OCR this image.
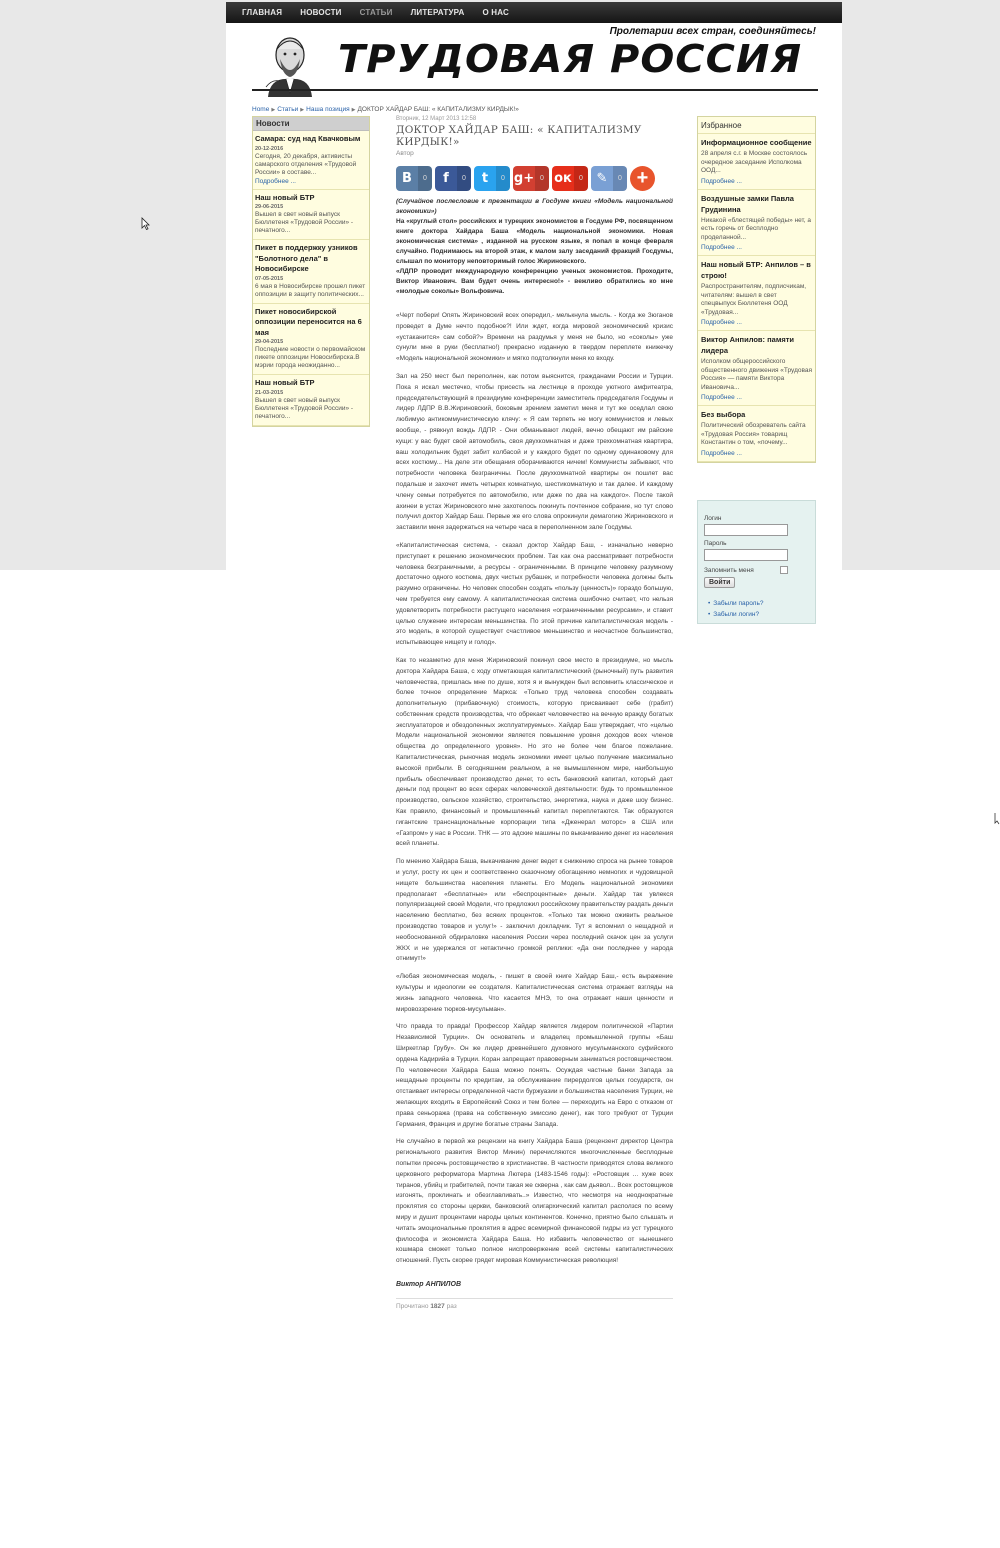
ГЛАВНАЯ НОВОСТИ СТАТЬИ ЛИТЕРАТУРА О НАС
Пролетарии всех стран, соединяйтесь!
ТРУДОВАЯ РОССИЯ
Home ▶ Статьи ▶ Наша позиция ▶ ДОКТОР ХАЙДАР БАШ: « КАПИТАЛИЗМУ КИРДЫК!»
Новости
Самара: суд над Квачковым
20-12-2016
Сегодня, 20 декабря, активисты самарского отделения «Трудовой России» в составе...
Подробнее ...
Наш новый БТР
29-06-2015
Вышел в свет новый выпуск Бюллетеня «Трудовой России» - печатного...
Пикет в поддержку узников "Болотного дела" в Новосибирске
07-05-2015
6 мая в Новосибирске прошел пикет оппозиции в защиту политических...
Пикет новосибирской оппозиции переносится на 6 мая
29-04-2015
Последние новости о первомайском пикете оппозиции Новосибирска.В мэрии города неожиданно...
Наш новый БТР
21-03-2015
Вышел в свет новый выпуск Бюллетеня «Трудовой России» - печатного...
Вторник, 12 Март 2013 12:58
ДОКТОР ХАЙДАР БАШ: « КАПИТАЛИЗМУ КИРДЫК!»
Автор
В	0	f	0	t	0 g+ 0 ок	0	✎	0 +
(Случайное послесловие к презентации в Госдуме книги «Модель национальной экономики»)
На «круглый стол» российских и турецких экономистов в Госдуме РФ, посвященном книге доктора Хайдара Баша «Модель национальной экономики. Новая экономическая система» , изданной на русском языке, я попал в конце февраля случайно. Поднимаюсь на второй этаж, к малом залу заседаний фракций Госдумы, слышал по монитору неповторимый голос Жириновского.
«ЛДПР проводит международную конференцию ученых экономистов. Проходите, Виктор Иванович. Вам будет очень интересно!» - вежливо обратились ко мне «молодые соколы» Вольфовича.

«Черт побери! Опять Жириновский всех опередил,- мелькнула мысль. - Когда же Зюганов проведет в Думе нечто подобное?! Или ждет, когда мировой экономический кризис «устаканится» сам собой?» Времени на раздумья у меня не было, но «соколы» уже сунули мне в руки (бесплатно!) прекрасно изданную в твердом переплете книжечку «Модель национальной экономики» и мягко подтолкнули меня ко входу.

Зал на 250 мест был переполнен, как потом выяснится, гражданами России и Турции. Пока я искал местечко, чтобы присесть на лестнице в проходе уютного амфитеатра, председательствующий в президиуме конференции заместитель председателя Госдумы и лидер ЛДПР В.В.Жириновский, боковым зрением заметил меня и тут же оседлал свою любимую антикоммунистическую клячу: « Я сам терпеть не могу коммунистов и левых вообще, - рявкнул вождь ЛДПР. - Они обманывают людей, вечно обещают им райские кущи: у вас будет свой автомобиль, своя двухкомнатная и даже трехкомнатная квартира, ваш холодильник будет забит колбасой и у каждого будет по одному одинаковому для всех костюму... На деле эти обещания оборачиваются ничем! Коммунисты забывают, что потребности человека безграничны. После двухкомнатной квартиры он пошлет вас подальше и захочет иметь четырех комнатную, шестикомнатную и так далее. И каждому члену семьи потребуется по автомобилю, или даже по два на каждого». После такой ахинеи в устах Жириновского мне захотелось покинуть почтенное собрание, но тут слово получил доктор Хайдар Баш. Первые же его слова опрокинули демагогию Жириновского и заставили меня задержаться на четыре часа в переполненном зале Госдумы.

«Капиталистическая система, - сказал доктор Хайдар Баш, - изначально неверно приступает к решению экономических проблем. Так как она рассматривает потребности человека безграничными, а ресурсы - ограниченными. В принципе человеку разумному достаточно одного костюма, двух чистых рубашек, и потребности человека должны быть разумно ограничены. Но человек способен создать «пользу (ценность)» гораздо большую, чем требуется ему самому. А капиталистическая система ошибочно считает, что нельзя удовлетворить потребности растущего населения «ограниченными ресурсами», и ставит целью служение интересам меньшинства. По этой причине капиталистическая модель - это модель, в которой существует счастливое меньшинство и несчастное большинство, испытывающее нищету и голод».

Как то незаметно для меня Жириновский покинул свое место в президиуме, но мысль доктора Хайдара Баша, с ходу отметающая капиталистический (рыночный) путь развития человечества, пришлась мне по душе, хотя я и вынужден был вспомнить классическое и более точное определение Маркса: «Только труд человека способен создавать дополнительную (прибавочную) стоимость, которую присваивает себе (грабит) собственник средств производства, что обрекает человечество на вечную вражду богатых эксплуататоров и обездоленных эксплуатируемых». Хайдар Баш утверждает, что «целью Модели национальной экономики является повышение уровня доходов всех членов общества до определенного уровня». Но это не более чем благое пожелание. Капиталистическая, рыночная модель экономики имеет целью получение максимально высокой прибыли. В сегодняшнем реальном, а не вымышленном мире, наибольшую прибыль обеспечивает производство денег, то есть банковский капитал, который дает деньги под процент во всех сферах человеческой деятельности: будь то промышленное производство, сельское хозяйство, строительство, энергетика, наука и даже шоу бизнес. Как правило, финансовый и промышленный капитал переплетаются. Так образуются гигантские транснациональные корпорации типа «Дженерал моторс» в США или «Газпром» у нас в России. ТНК — это адские машины по выкачиванию денег из населения всей планеты.

По мнению Хайдара Баша, выкачивание денег ведет к снижению спроса на рынке товаров и услуг, росту их цен и соответственно сказочному обогащению немногих и чудовищной нищете большинства населения планеты. Его Модель национальной экономики предполагает «бесплатные» или «беспроцентные» деньги. Хайдар так увлекся популяризацией своей Модели, что предложил российскому правительству раздать деньги населению бесплатно, без всяких процентов. «Только так можно оживить реальное производство товаров и услуг!» - заключил докладчик. Тут я вспомнил о нещадной и необоснованной обдираловке населения России через последний скачок цен за услуги ЖКХ и не удержался от нетактично громкой реплики: «Да они последнее у народа отнимут!»

«Любая экономическая модель, - пишет в своей книге Хайдар Баш,- есть выражение культуры и идеологии ее создателя. Капиталистическая система отражает взгляды на жизнь западного человека. Что касается МНЭ, то она отражает наши ценности и мировоззрение тюрков-мусульман».

Что правда то правда! Профессор Хайдар является лидером политической «Партии Независимой Турции». Он основатель и владелец промышленной группы «Баш Ширкетлар Грубу». Он же лидер древнейшего духовного мусульманского суфийского ордена Кадирийа в Турции. Коран запрещает правоверным заниматься ростовщичеством. По человечески Хайдара Баша можно понять. Осуждая частные банки Запада за нещадные проценты по кредитам, за обслуживание пирердолгов целых государств, он отстаивает интересы определенной части буржуазии и большинства населения Турции, не желающих входить в Европейский Союз и тем более — переходить на Евро с отказом от права сеньоража (права на собственную эмиссию денег), как того требуют от Турции Германия, Франция и другие богатые страны Запада.

Не случайно в первой же рецензии на книгу Хайдара Баша (рецензент директор Центра регионального развития Виктор Минин) перечисляются многочисленные бесплодные попытки пресечь ростовщичество в христианстве. В частности приводятся слова великого церковного реформатора Мартина Лютера (1483-1546 годы): «Ростовщик ... хуже всех тиранов, убийц и грабителей, почти такая же скверна , как сам дьявол... Всех ростовщиков изгонять, проклинать и обезглавливать..» Известно, что несмотря на неоднократные проклятия со стороны церкви, банковский олигархический капитал расползся по всему миру и душит процентами народы целых континентов. Конечно, приятно было слышать и читать эмоциональные проклятия в адрес всемирной финансовой гидры из уст турецкого философа и экономиста Хайдара Баша. Но избавить человечество от нынешнего кошмара сможет только полное ниспровержение всей системы капиталистических отношений. Пусть скорее грядет мировая Коммунистическая революция!

Виктор АНПИЛОВ
Прочитано 1827 раз
Избранное
Информационное сообщение
28 апреля с.г. в Москве состоялось очередное заседание Исполкома ООД...
Подробнее ...
Воздушные замки Павла Грудинина
Никакой «блестящей победы» нет, а есть горечь от бесплодно проделанной...
Подробнее ...
Наш новый БТР: Анпилов – в строю!
Распространителям, подписчикам, читателям: вышел в свет спецвыпуск Бюллетеня ООД «Трудовая...
Подробнее ...
Виктор Анпилов: памяти лидера
Исполком общероссийского общественного движения «Трудовая Россия» — памяти Виктора Ивановича...
Подробнее ...
Без выбора
Политический обозреватель сайта «Трудовая Россия» товарищ Константин о том, «почему...
Подробнее ...
Логин
Пароль
Запомнить меня
Войти
• Забыли пароль?
• Забыли логин?
